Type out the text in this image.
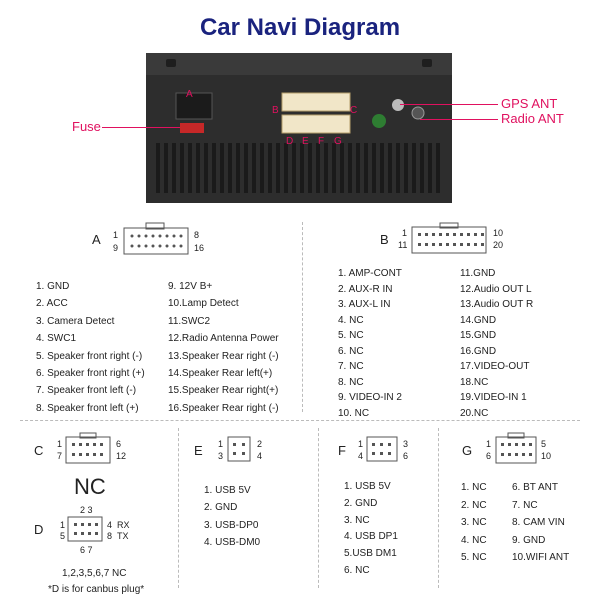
Car Navi Diagram
A
B	C
D E F G
Fuse
GPS ANT
Radio ANT
A 1	8
9	16
1. GND
2. ACC
3. Camera Detect
4. SWC1
5. Speaker front right (-)
6. Speaker front right (+)
7. Speaker front left (-)
8. Speaker front left (+)
9. 12V B+
10.Lamp Detect
11.SWC2
12.Radio Antenna Power
13.Speaker Rear right (-)
14.Speaker Rear left(+)
15.Speaker Rear right(+)
16.Speaker Rear right (-)
B 1	10
11	20
1. AMP-CONT
2. AUX-R IN
3. AUX-L IN
4. NC
5. NC
6. NC
7. NC
8. NC
9. VIDEO-IN 2
10. NC
11.GND
12.Audio OUT L
13.Audio OUT R
14.GND
15.GND
16.GND
17.VIDEO-OUT
18.NC
19.VIDEO-IN 1
20.NC
C 1	6
7	12
NC
2 3
D 1
5
4
8
RX
TX
6 7
1,2,3,5,6,7 NC
*D is for canbus plug*
E 1	2
3	4
1. USB 5V
2. GND
3. USB-DP0
4. USB-DM0
F 1	3
4	6
1. USB 5V
2. GND
3. NC
4. USB DP1
5.USB DM1
6. NC
G 1	5
6	10
1. NC
2. NC
3. NC
4. NC
5. NC
6. BT ANT
7. NC
8. CAM VIN
9. GND
10.WIFI ANT
